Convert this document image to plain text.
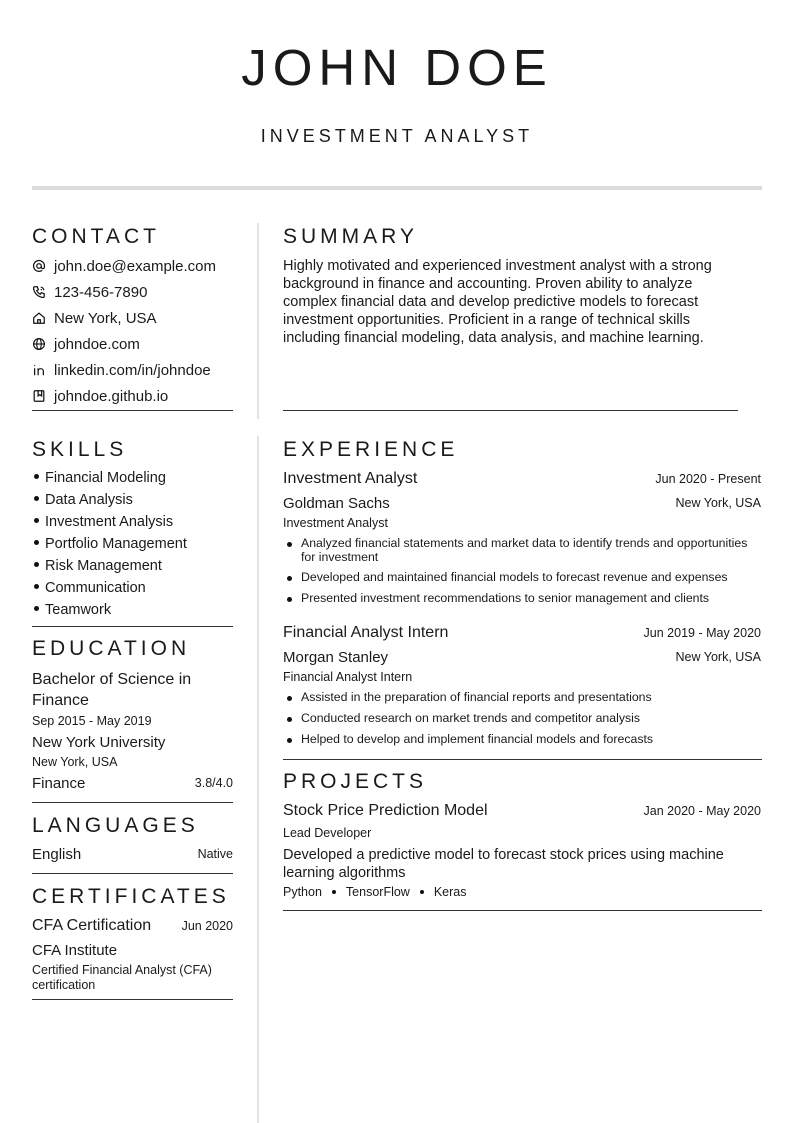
JOHN DOE
INVESTMENT ANALYST
CONTACT
john.doe@example.com
123-456-7890
New York, USA
johndoe.com
linkedin.com/in/johndoe
johndoe.github.io
SUMMARY
Highly motivated and experienced investment analyst with a strong background in finance and accounting. Proven ability to analyze complex financial data and develop predictive models to forecast investment opportunities. Proficient in a range of technical skills including financial modeling, data analysis, and machine learning.
SKILLS
Financial Modeling
Data Analysis
Investment Analysis
Portfolio Management
Risk Management
Communication
Teamwork
EDUCATION
Bachelor of Science in Finance
Sep 2015 - May 2019
New York University
New York, USA
Finance	3.8/4.0
LANGUAGES
English	Native
CERTIFICATES
CFA Certification	Jun 2020
CFA Institute
Certified Financial Analyst (CFA) certification
EXPERIENCE
Investment Analyst	Jun 2020 - Present
Goldman Sachs	New York, USA
Investment Analyst
Analyzed financial statements and market data to identify trends and opportunities for investment
Developed and maintained financial models to forecast revenue and expenses
Presented investment recommendations to senior management and clients
Financial Analyst Intern	Jun 2019 - May 2020
Morgan Stanley	New York, USA
Financial Analyst Intern
Assisted in the preparation of financial reports and presentations
Conducted research on market trends and competitor analysis
Helped to develop and implement financial models and forecasts
PROJECTS
Stock Price Prediction Model	Jan 2020 - May 2020
Lead Developer
Developed a predictive model to forecast stock prices using machine learning algorithms
Python TensorFlow Keras
